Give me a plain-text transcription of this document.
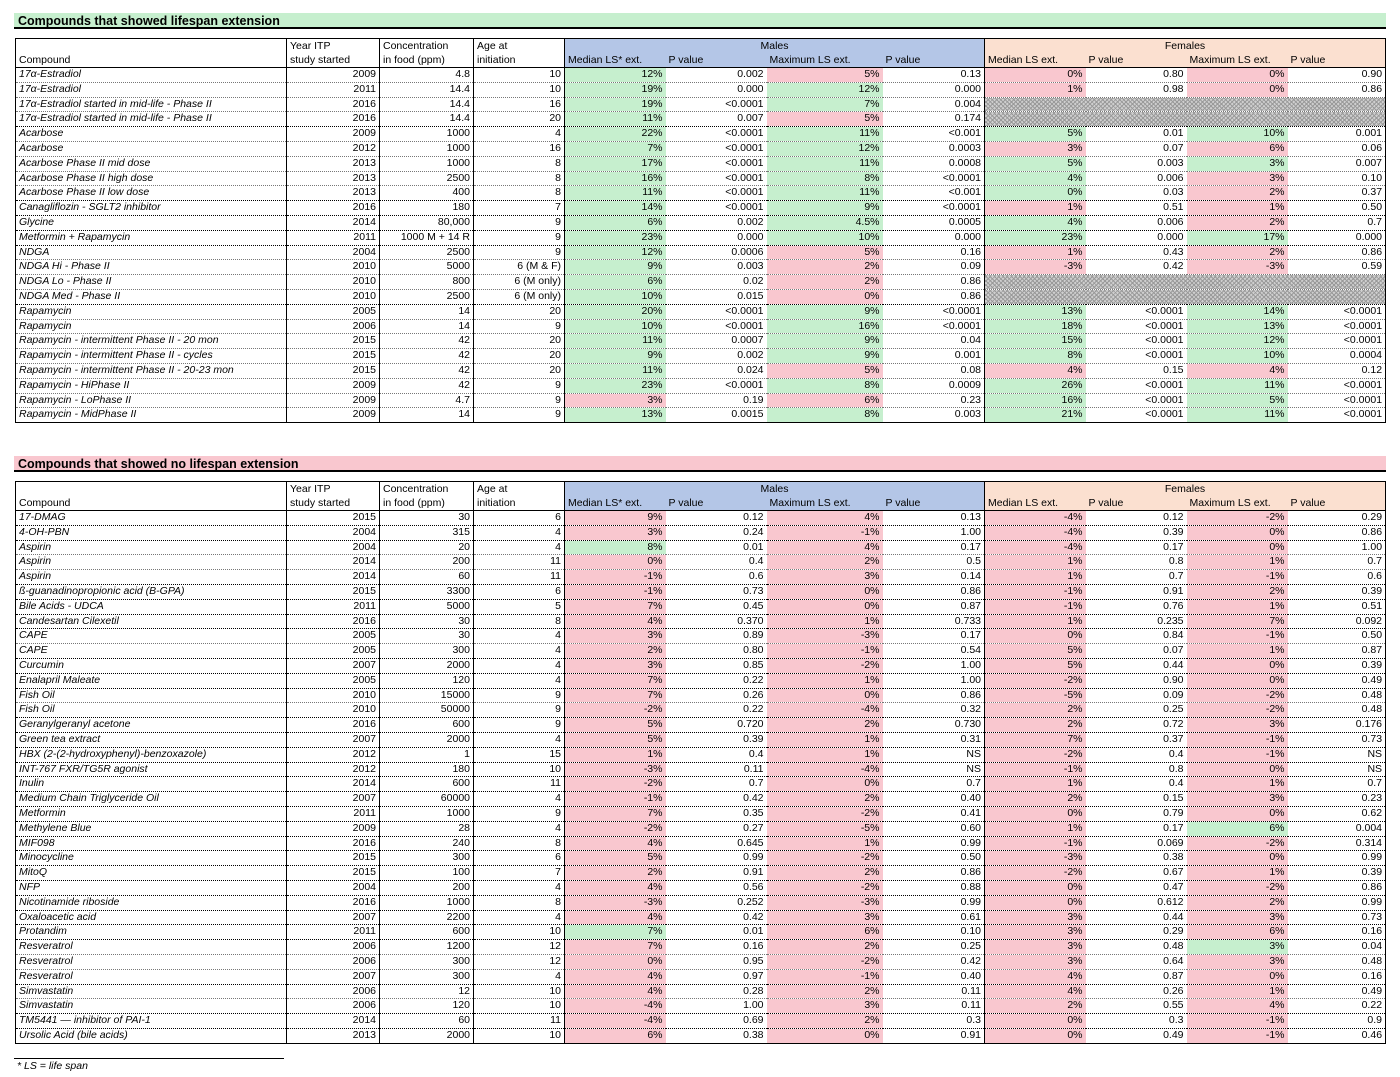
Compounds that showed lifespan extension
	Year ITP	Concentration	Age at	Males				Females			
Compound	study started	in food (ppm)	initiation	Median LS* ext.	P value	Maximum LS ext.	P value	Median LS ext.	P value	Maximum LS ext.	P value
17α-Estradiol	2009	4.8	10	12%	0.002	5%	0.13	0%	0.80	0%	0.90
17α-Estradiol	2011	14.4	10	19%	0.000	12%	0.000	1%	0.98	0%	0.86
17α-Estradiol started in mid-life - Phase II	2016	14.4	16	19%	<0.0001	7%	0.004				
17α-Estradiol started in mid-life - Phase II	2016	14.4	20	11%	0.007	5%	0.174				
Acarbose	2009	1000	4	22%	<0.0001	11%	<0.001	5%	0.01	10%	0.001
Acarbose	2012	1000	16	7%	<0.0001	12%	0.0003	3%	0.07	6%	0.06
Acarbose Phase II mid dose	2013	1000	8	17%	<0.0001	11%	0.0008	5%	0.003	3%	0.007
Acarbose Phase II high dose	2013	2500	8	16%	<0.0001	8%	<0.0001	4%	0.006	3%	0.10
Acarbose Phase II low dose	2013	400	8	11%	<0.0001	11%	<0.001	0%	0.03	2%	0.37
Canagliflozin - SGLT2 inhibitor	2016	180	7	14%	<0.0001	9%	<0.0001	1%	0.51	1%	0.50
Glycine	2014	80,000	9	6%	0.002	4.5%	0.0005	4%	0.006	2%	0.7
Metformin + Rapamycin	2011	1000 M + 14 R	9	23%	0.000	10%	0.000	23%	0.000	17%	0.000
NDGA	2004	2500	9	12%	0.0006	5%	0.16	1%	0.43	2%	0.86
NDGA Hi - Phase II	2010	5000	6 (M & F)	9%	0.003	2%	0.09	-3%	0.42	-3%	0.59
NDGA Lo - Phase II	2010	800	6 (M only)	6%	0.02	2%	0.86				
NDGA Med - Phase II	2010	2500	6 (M only)	10%	0.015	0%	0.86				
Rapamycin	2005	14	20	20%	<0.0001	9%	<0.0001	13%	<0.0001	14%	<0.0001
Rapamycin	2006	14	9	10%	<0.0001	16%	<0.0001	18%	<0.0001	13%	<0.0001
Rapamycin - intermittent Phase II - 20 mon	2015	42	20	11%	0.0007	9%	0.04	15%	<0.0001	12%	<0.0001
Rapamycin - intermittent Phase II - cycles	2015	42	20	9%	0.002	9%	0.001	8%	<0.0001	10%	0.0004
Rapamycin - intermittent Phase II - 20-23 mon	2015	42	20	11%	0.024	5%	0.08	4%	0.15	4%	0.12
Rapamycin - HiPhase II	2009	42	9	23%	<0.0001	8%	0.0009	26%	<0.0001	11%	<0.0001
Rapamycin - LoPhase II	2009	4.7	9	3%	0.19	6%	0.23	16%	<0.0001	5%	<0.0001
Rapamycin - MidPhase II	2009	14	9	13%	0.0015	8%	0.003	21%	<0.0001	11%	<0.0001
Compounds that showed no lifespan extension
	Year ITP	Concentration	Age at	Males				Females			
Compound	study started	in food (ppm)	initiation	Median LS* ext.	P value	Maximum LS ext.	P value	Median LS ext.	P value	Maximum LS ext.	P value
17-DMAG	2015	30	6	9%	0.12	4%	0.13	-4%	0.12	-2%	0.29
4-OH-PBN	2004	315	4	3%	0.24	-1%	1.00	-4%	0.39	0%	0.86
Aspirin	2004	20	4	8%	0.01	4%	0.17	-4%	0.17	0%	1.00
Aspirin	2014	200	11	0%	0.4	2%	0.5	1%	0.8	1%	0.7
Aspirin	2014	60	11	-1%	0.6	3%	0.14	1%	0.7	-1%	0.6
ß-guanadinopropionic acid (B-GPA)	2015	3300	6	-1%	0.73	0%	0.86	-1%	0.91	2%	0.39
Bile Acids - UDCA	2011	5000	5	7%	0.45	0%	0.87	-1%	0.76	1%	0.51
Candesartan Cilexetil	2016	30	8	4%	0.370	1%	0.733	1%	0.235	7%	0.092
CAPE	2005	30	4	3%	0.89	-3%	0.17	0%	0.84	-1%	0.50
CAPE	2005	300	4	2%	0.80	-1%	0.54	5%	0.07	1%	0.87
Curcumin	2007	2000	4	3%	0.85	-2%	1.00	5%	0.44	0%	0.39
Enalapril Maleate	2005	120	4	7%	0.22	1%	1.00	-2%	0.90	0%	0.49
Fish Oil	2010	15000	9	7%	0.26	0%	0.86	-5%	0.09	-2%	0.48
Fish Oil	2010	50000	9	-2%	0.22	-4%	0.32	2%	0.25	-2%	0.48
Geranylgeranyl acetone	2016	600	9	5%	0.720	2%	0.730	2%	0.72	3%	0.176
Green tea extract	2007	2000	4	5%	0.39	1%	0.31	7%	0.37	-1%	0.73
HBX (2-(2-hydroxyphenyl)-benzoxazole)	2012	1	15	1%	0.4	1%	NS	-2%	0.4	-1%	NS
INT-767 FXR/TG5R agonist	2012	180	10	-3%	0.11	-4%	NS	-1%	0.8	0%	NS
Inulin	2014	600	11	-2%	0.7	0%	0.7	1%	0.4	1%	0.7
Medium Chain Triglyceride Oil	2007	60000	4	-1%	0.42	2%	0.40	2%	0.15	3%	0.23
Metformin	2011	1000	9	7%	0.35	-2%	0.41	0%	0.79	0%	0.62
Methylene Blue	2009	28	4	-2%	0.27	-5%	0.60	1%	0.17	6%	0.004
MIF098	2016	240	8	4%	0.645	1%	0.99	-1%	0.069	-2%	0.314
Minocycline	2015	300	6	5%	0.99	-2%	0.50	-3%	0.38	0%	0.99
MitoQ	2015	100	7	2%	0.91	2%	0.86	-2%	0.67	1%	0.39
NFP	2004	200	4	4%	0.56	-2%	0.88	0%	0.47	-2%	0.86
Nicotinamide riboside	2016	1000	8	-3%	0.252	-3%	0.99	0%	0.612	2%	0.99
Oxaloacetic acid	2007	2200	4	4%	0.42	3%	0.61	3%	0.44	3%	0.73
Protandim	2011	600	10	7%	0.01	6%	0.10	3%	0.29	6%	0.16
Resveratrol	2006	1200	12	7%	0.16	2%	0.25	3%	0.48	3%	0.04
Resveratrol	2006	300	12	0%	0.95	-2%	0.42	3%	0.64	3%	0.48
Resveratrol	2007	300	4	4%	0.97	-1%	0.40	4%	0.87	0%	0.16
Simvastatin	2006	12	10	4%	0.28	2%	0.11	4%	0.26	1%	0.49
Simvastatin	2006	120	10	-4%	1.00	3%	0.11	2%	0.55	4%	0.22
TM5441 — inhibitor of PAI-1	2014	60	11	-4%	0.69	2%	0.3	0%	0.3	-1%	0.9
Ursolic Acid (bile acids)	2013	2000	10	6%	0.38	0%	0.91	0%	0.49	-1%	0.46
* LS = life span
